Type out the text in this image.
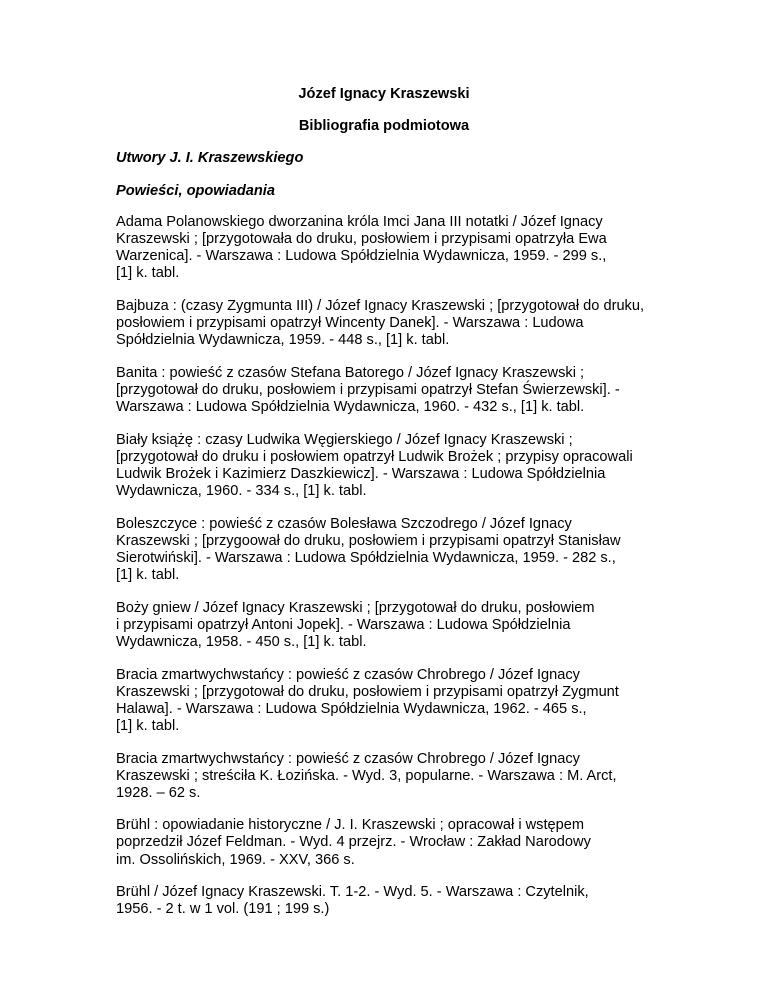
Józef Ignacy Kraszewski

Bibliografia podmiotowa

Utwory J. I. Kraszewskiego

Powieści, opowiadania

Adama Polanowskiego dworzanina króla Imci Jana III notatki / Józef Ignacy
Kraszewski ; [przygotowała do druku, posłowiem i przypisami opatrzyła Ewa
Warzenica]. - Warszawa : Ludowa Spółdzielnia Wydawnicza, 1959. - 299 s.,
[1] k. tabl.
Bajbuza : (czasy Zygmunta III) / Józef Ignacy Kraszewski ; [przygotował do druku,
posłowiem i przypisami opatrzył Wincenty Danek]. - Warszawa : Ludowa
Spółdzielnia Wydawnicza, 1959. - 448 s., [1] k. tabl.
Banita : powieść z czasów Stefana Batorego / Józef Ignacy Kraszewski ;
[przygotował do druku, posłowiem i przypisami opatrzył Stefan Świerzewski]. -
Warszawa : Ludowa Spółdzielnia Wydawnicza, 1960. - 432 s., [1] k. tabl.
Biały książę : czasy Ludwika Węgierskiego / Józef Ignacy Kraszewski ;
[przygotował do druku i posłowiem opatrzył Ludwik Brożek ; przypisy opracowali
Ludwik Brożek i Kazimierz Daszkiewicz]. - Warszawa : Ludowa Spółdzielnia
Wydawnicza, 1960. - 334 s., [1] k. tabl.
Boleszczyce : powieść z czasów Bolesława Szczodrego / Józef Ignacy
Kraszewski ; [przygoował do druku, posłowiem i przypisami opatrzył Stanisław
Sierotwiński]. - Warszawa : Ludowa Spółdzielnia Wydawnicza, 1959. - 282 s.,
[1] k. tabl.
Boży gniew / Józef Ignacy Kraszewski ; [przygotował do druku, posłowiem
i przypisami opatrzył Antoni Jopek]. - Warszawa : Ludowa Spółdzielnia
Wydawnicza, 1958. - 450 s., [1] k. tabl.
Bracia zmartwychwstańcy : powieść z czasów Chrobrego / Józef Ignacy
Kraszewski ; [przygotował do druku, posłowiem i przypisami opatrzył Zygmunt
Halawa]. - Warszawa : Ludowa Spółdzielnia Wydawnicza, 1962. - 465 s.,
[1] k. tabl.
Bracia zmartwychwstańcy : powieść z czasów Chrobrego / Józef Ignacy
Kraszewski ; streściła K. Łozińska. - Wyd. 3, popularne. - Warszawa : M. Arct,
1928. – 62 s.
Brühl : opowiadanie historyczne / J. I. Kraszewski ; opracował i wstępem
poprzedził Józef Feldman. - Wyd. 4 przejrz. - Wrocław : Zakład Narodowy
im. Ossolińskich, 1969. - XXV, 366 s.
Brühl / Józef Ignacy Kraszewski. T. 1-2. - Wyd. 5. - Warszawa : Czytelnik,
1956. - 2 t. w 1 vol. (191 ; 199 s.)
